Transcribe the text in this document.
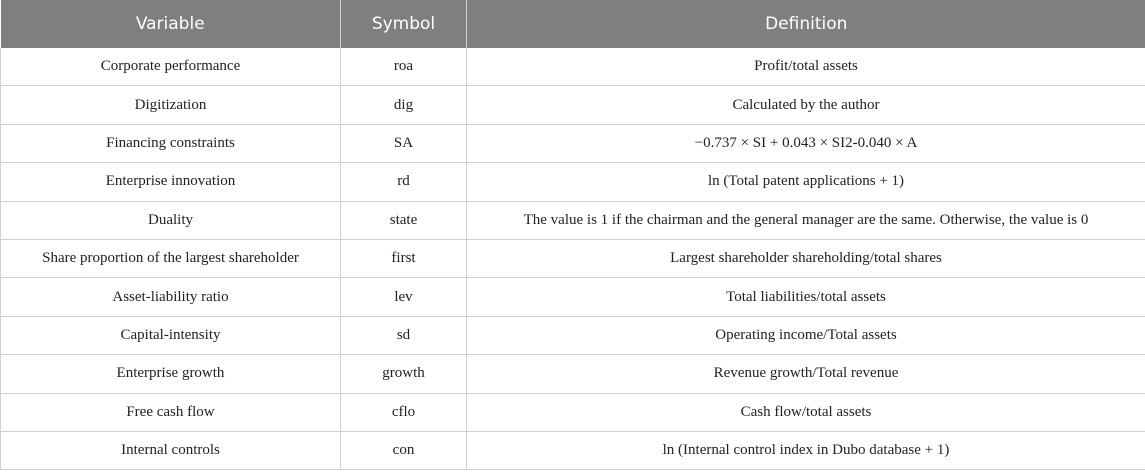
Variable	Symbol	Definition
Corporate performance	roa	Profit/total assets
Digitization	dig	Calculated by the author
Financing constraints	SA	−0.737 × SI + 0.043 × SI2-0.040 × A
Enterprise innovation	rd	ln (Total patent applications + 1)
Duality	state	The value is 1 if the chairman and the general manager are the same. Otherwise, the value is 0
Share proportion of the largest shareholder	first	Largest shareholder shareholding/total shares
Asset-liability ratio	lev	Total liabilities/total assets
Capital-intensity	sd	Operating income/Total assets
Enterprise growth	growth	Revenue growth/Total revenue
Free cash flow	cflo	Cash flow/total assets
Internal controls	con	ln (Internal control index in Dubo database + 1)
